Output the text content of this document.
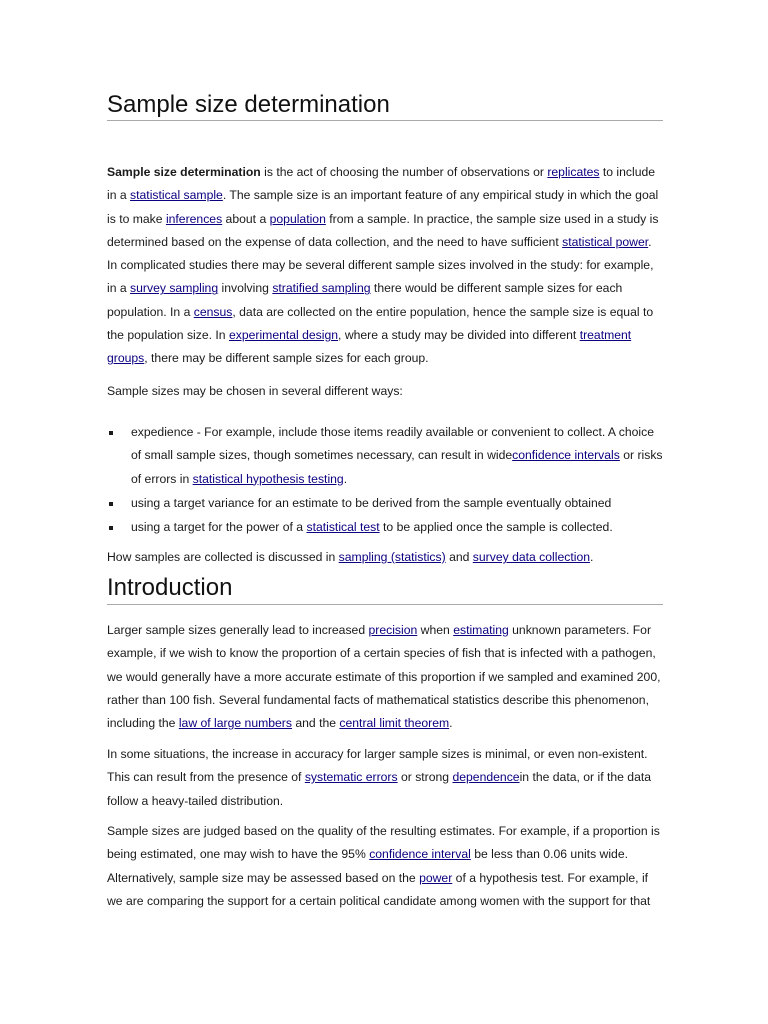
Sample size determination

Sample size determination is the act of choosing the number of observations or replicates to include in a statistical sample. The sample size is an important feature of any empirical study in which the goal is to make inferences about a population from a sample. In practice, the sample size used in a study is determined based on the expense of data collection, and the need to have sufficient statistical power. In complicated studies there may be several different sample sizes involved in the study: for example, in a survey sampling involving stratified sampling there would be different sample sizes for each population. In a census, data are collected on the entire population, hence the sample size is equal to the population size. In experimental design, where a study may be divided into different treatment groups, there may be different sample sizes for each group.

Sample sizes may be chosen in several different ways:

expedience - For example, include those items readily available or convenient to collect. A choice of small sample sizes, though sometimes necessary, can result in wideconfidence intervals or risks of errors in statistical hypothesis testing.
using a target variance for an estimate to be derived from the sample eventually obtained
using a target for the power of a statistical test to be applied once the sample is collected.

How samples are collected is discussed in sampling (statistics) and survey data collection.

Introduction

Larger sample sizes generally lead to increased precision when estimating unknown parameters. For example, if we wish to know the proportion of a certain species of fish that is infected with a pathogen, we would generally have a more accurate estimate of this proportion if we sampled and examined 200, rather than 100 fish. Several fundamental facts of mathematical statistics describe this phenomenon, including the law of large numbers and the central limit theorem.

In some situations, the increase in accuracy for larger sample sizes is minimal, or even non-existent. This can result from the presence of systematic errors or strong dependencein the data, or if the data follow a heavy-tailed distribution.

Sample sizes are judged based on the quality of the resulting estimates. For example, if a proportion is being estimated, one may wish to have the 95% confidence interval be less than 0.06 units wide. Alternatively, sample size may be assessed based on the power of a hypothesis test. For example, if we are comparing the support for a certain political candidate among women with the support for that
